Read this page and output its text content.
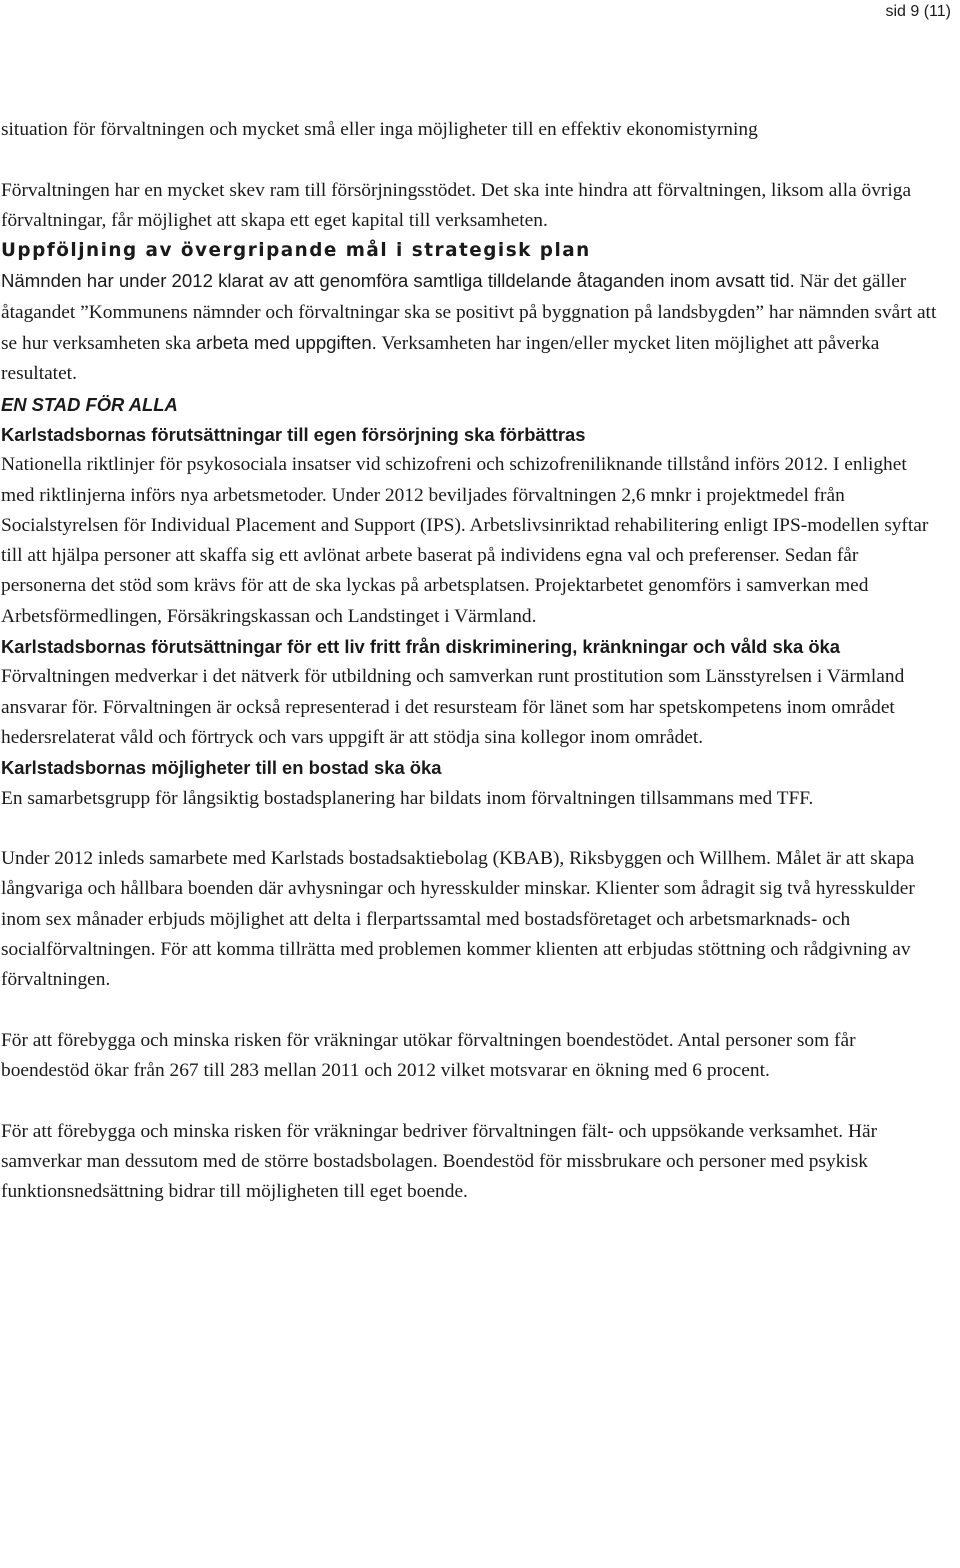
sid 9 (11)

situation för förvaltningen och mycket små eller inga möjligheter till en effektiv ekonomistyrning

Förvaltningen har en mycket skev ram till försörjningsstödet. Det ska inte hindra att förvaltningen, liksom alla övriga förvaltningar, får möjlighet att skapa ett eget kapital till verksamheten.

Uppföljning av övergripande mål i strategisk plan

Nämnden har under 2012 klarat av att genomföra samtliga tilldelande åtaganden inom avsatt tid. När det gäller åtagandet ”Kommunens nämnder och förvaltningar ska se positivt på byggnation på landsbygden” har nämnden svårt att se hur verksamheten ska arbeta med uppgiften. Verksamheten har ingen/eller mycket liten möjlighet att påverka resultatet.

EN STAD FÖR ALLA
Karlstadsbornas förutsättningar till egen försörjning ska förbättras

Nationella riktlinjer för psykosociala insatser vid schizofreni och schizofreniliknande tillstånd införs 2012. I enlighet med riktlinjerna införs nya arbetsmetoder. Under 2012 beviljades förvaltningen 2,6 mnkr i projektmedel från Socialstyrelsen för Individual Placement and Support (IPS). Arbetslivsinriktad rehabilitering enligt IPS-modellen syftar till att hjälpa personer att skaffa sig ett avlönat arbete baserat på individens egna val och preferenser. Sedan får personerna det stöd som krävs för att de ska lyckas på arbetsplatsen. Projektarbetet genomförs i samverkan med Arbetsförmedlingen, Försäkringskassan och Landstinget i Värmland.

Karlstadsbornas förutsättningar för ett liv fritt från diskriminering, kränkningar och våld ska öka

Förvaltningen medverkar i det nätverk för utbildning och samverkan runt prostitution som Länsstyrelsen i Värmland ansvarar för. Förvaltningen är också representerad i det resursteam för länet som har spetskompetens inom området hedersrelaterat våld och förtryck och vars uppgift är att stödja sina kollegor inom området.

Karlstadsbornas möjligheter till en bostad ska öka

En samarbetsgrupp för långsiktig bostadsplanering har bildats inom förvaltningen tillsammans med TFF.

Under 2012 inleds samarbete med Karlstads bostadsaktiebolag (KBAB), Riksbyggen och Willhem. Målet är att skapa långvariga och hållbara boenden där avhysningar och hyresskulder minskar. Klienter som ådragit sig två hyresskulder inom sex månader erbjuds möjlighet att delta i flerpartssamtal med bostadsföretaget och arbetsmarknads- och socialförvaltningen. För att komma tillrätta med problemen kommer klienten att erbjudas stöttning och rådgivning av förvaltningen.

För att förebygga och minska risken för vräkningar utökar förvaltningen boendestödet. Antal personer som får boendestöd ökar från 267 till 283 mellan 2011 och 2012 vilket motsvarar en ökning med 6 procent.

För att förebygga och minska risken för vräkningar bedriver förvaltningen fält- och uppsökande verksamhet. Här samverkar man dessutom med de större bostadsbolagen. Boendestöd för missbrukare och personer med psykisk funktionsnedsättning bidrar till möjligheten till eget boende.
